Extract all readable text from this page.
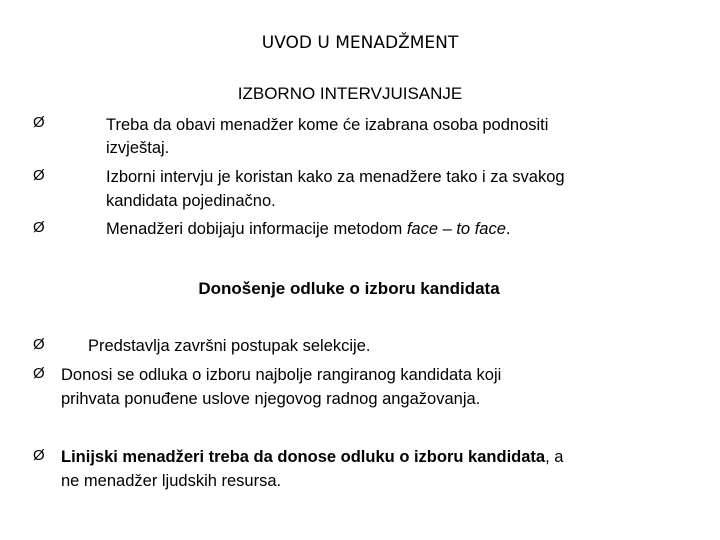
UVOD U MENADŽMENT
IZBORNO INTERVJUISANJE
Ø	Treba da obavi menadžer kome će izabrana osoba podnositi
izvještaj.
Ø	Izborni intervju je koristan kako za menadžere tako i za svakog
kandidata pojedinačno.
Ø	Menadžeri dobijaju informacije metodom face – to face.
Donošenje odluke o izboru kandidata
Ø	Predstavlja završni postupak selekcije.
Ø Donosi se odluka o izboru najbolje rangiranog kandidata koji
prihvata ponuđene uslove njegovog radnog angažovanja.
Ø Linijski menadžeri treba da donose odluku o izboru kandidata, a
ne menadžer ljudskih resursa.
